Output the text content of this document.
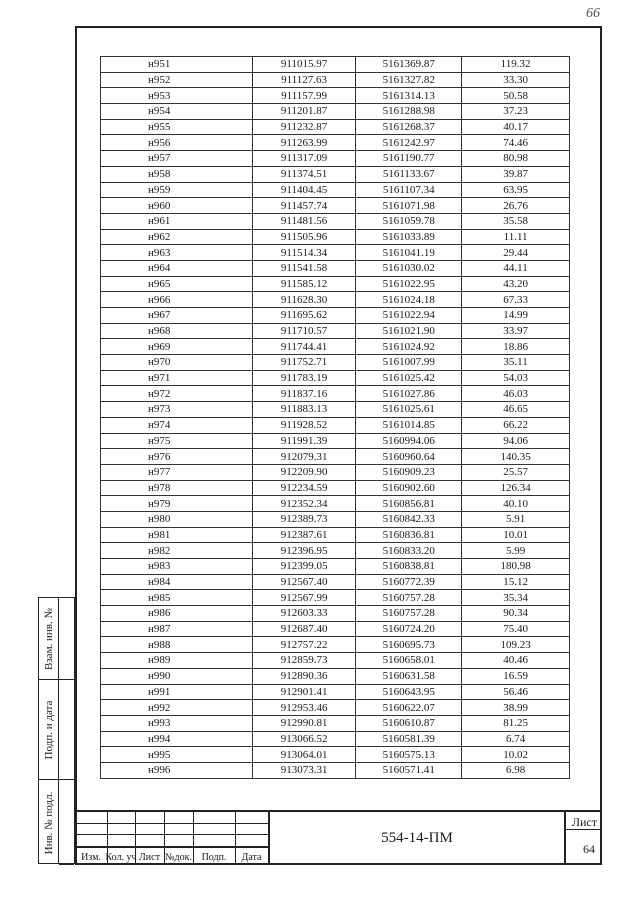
66
Взам. инв. №
Подп. и дата
Инв. № подл.
н951	911015.97	5161369.87	119.32
н952	911127.63	5161327.82	33.30
н953	911157.99	5161314.13	50.58
н954	911201.87	5161288.98	37.23
н955	911232.87	5161268.37	40.17
н956	911263.99	5161242.97	74.46
н957	911317.09	5161190.77	80.98
н958	911374.51	5161133.67	39.87
н959	911404.45	5161107.34	63.95
н960	911457.74	5161071.98	26.76
н961	911481.56	5161059.78	35.58
н962	911505.96	5161033.89	11.11
н963	911514.34	5161041.19	29.44
н964	911541.58	5161030.02	44.11
н965	911585.12	5161022.95	43.20
н966	911628.30	5161024.18	67.33
н967	911695.62	5161022.94	14.99
н968	911710.57	5161021.90	33.97
н969	911744.41	5161024.92	18.86
н970	911752.71	5161007.99	35.11
н971	911783.19	5161025.42	54.03
н972	911837.16	5161027.86	46.03
н973	911883.13	5161025.61	46.65
н974	911928.52	5161014.85	66.22
н975	911991.39	5160994.06	94.06
н976	912079.31	5160960.64	140.35
н977	912209.90	5160909.23	25.57
н978	912234.59	5160902.60	126.34
н979	912352.34	5160856.81	40.10
н980	912389.73	5160842.33	5.91
н981	912387.61	5160836.81	10.01
н982	912396.95	5160833.20	5.99
н983	912399.05	5160838.81	180.98
н984	912567.40	5160772.39	15.12
н985	912567.99	5160757.28	35.34
н986	912603.33	5160757.28	90.34
н987	912687.40	5160724.20	75.40
н988	912757.22	5160695.73	109.23
н989	912859.73	5160658.01	40.46
н990	912890.36	5160631.58	16.59
н991	912901.41	5160643.95	56.46
н992	912953.46	5160622.07	38.99
н993	912990.81	5160610.87	81.25
н994	913066.52	5160581.39	6.74
н995	913064.01	5160575.13	10.02
н996	913073.31	5160571.41	6.98
Изм. Кол. уч Лист №док. Подп.	Дата
554-14-ПМ
Лист
64
